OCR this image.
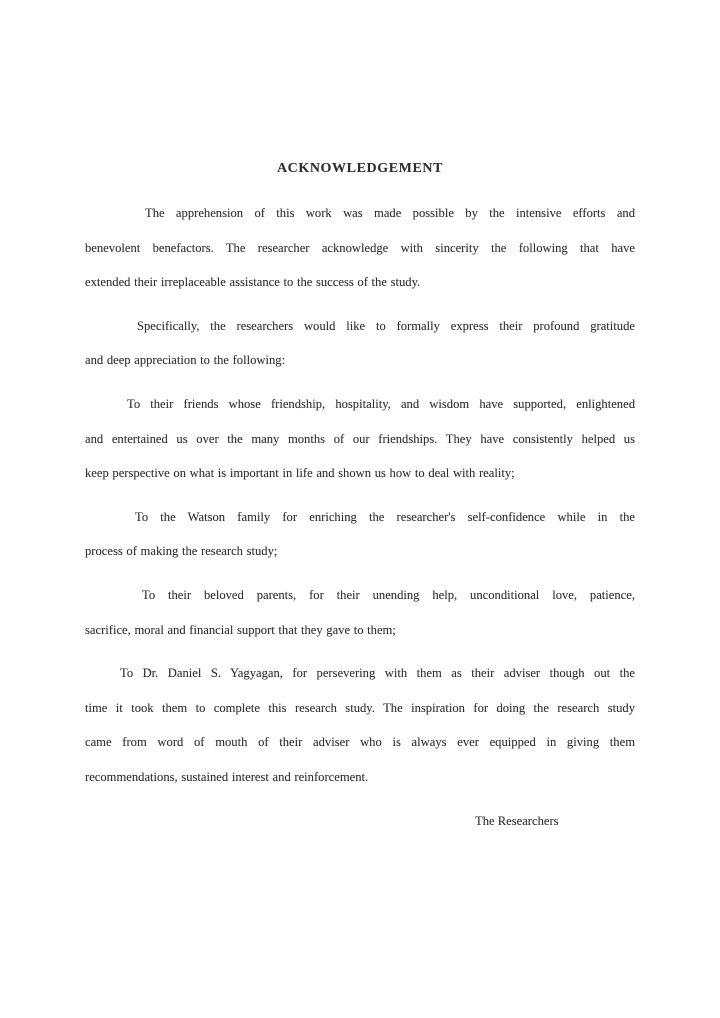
ACKNOWLEDGEMENT
The apprehension of this work was made possible by the intensive efforts and
benevolent benefactors. The researcher acknowledge with sincerity the following that have
extended their irreplaceable assistance to the success of the study.
Specifically, the researchers would like to formally express their profound gratitude
and deep appreciation to the following:
To their friends whose friendship, hospitality, and wisdom have supported, enlightened
and entertained us over the many months of our friendships. They have consistently helped us
keep perspective on what is important in life and shown us how to deal with reality;
To the Watson family for enriching the researcher's self-confidence while in the
process of making the research study;
To their beloved parents, for their unending help, unconditional love, patience,
sacrifice, moral and financial support that they gave to them;
To Dr. Daniel S. Yagyagan, for persevering with them as their adviser though out the
time it took them to complete this research study. The inspiration for doing the research study
came from word of mouth of their adviser who is always ever equipped in giving them
recommendations, sustained interest and reinforcement.
The Researchers
